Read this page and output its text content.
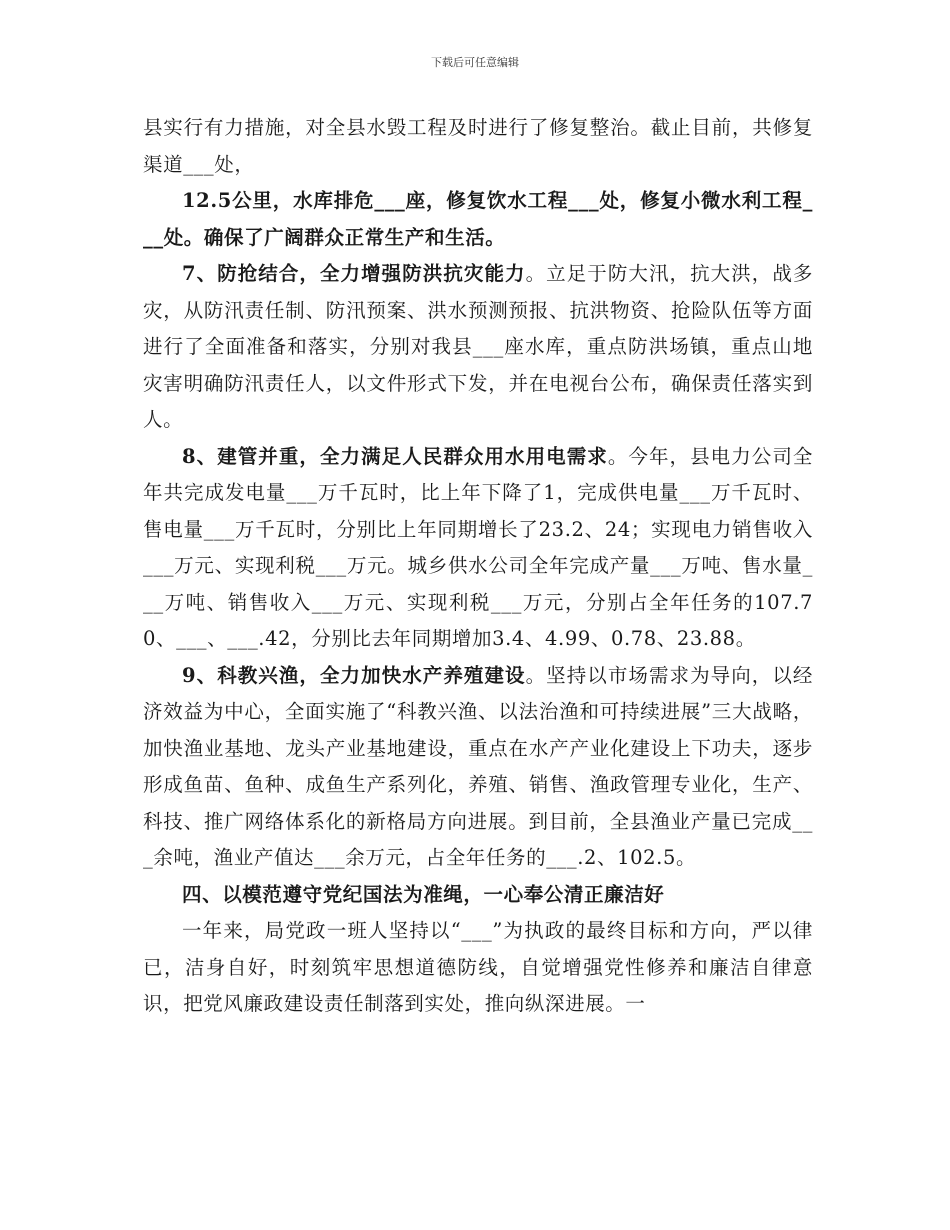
下载后可任意编辑

县实行有力措施，对全县水毁工程及时进行了修复整治。截止目前，共修复渠道___处，

12.5公里，水库排危___座，修复饮水工程___处，修复小微水利工程___处。确保了广阔群众正常生产和生活。

7、防抢结合，全力增强防洪抗灾能力。立足于防大汛，抗大洪，战多灾，从防汛责任制、防汛预案、洪水预测预报、抗洪物资、抢险队伍等方面进行了全面准备和落实，分别对我县___座水库，重点防洪场镇，重点山地灾害明确防汛责任人，以文件形式下发，并在电视台公布，确保责任落实到人。

8、建管并重，全力满足人民群众用水用电需求。今年，县电力公司全年共完成发电量___万千瓦时，比上年下降了1，完成供电量___万千瓦时、售电量___万千瓦时，分别比上年同期增长了23.2、24；实现电力销售收入___万元、实现利税___万元。城乡供水公司全年完成产量___万吨、售水量___万吨、销售收入___万元、实现利税___万元，分别占全年任务的107.70、___、___.42，分别比去年同期增加3.4、4.99、0.78、23.88。

9、科教兴渔，全力加快水产养殖建设。坚持以市场需求为导向，以经济效益为中心，全面实施了“科教兴渔、以法治渔和可持续进展”三大战略，加快渔业基地、龙头产业基地建设，重点在水产产业化建设上下功夫，逐步形成鱼苗、鱼种、成鱼生产系列化，养殖、销售、渔政管理专业化，生产、科技、推广网络体系化的新格局方向进展。到目前，全县渔业产量已完成___余吨，渔业产值达___余万元，占全年任务的___.2、102.5。

四、以模范遵守党纪国法为准绳，一心奉公清正廉洁好

一年来，局党政一班人坚持以“___”为执政的最终目标和方向，严以律已，洁身自好，时刻筑牢思想道德防线，自觉增强党性修养和廉洁自律意识，把党风廉政建设责任制落到实处，推向纵深进展。一
